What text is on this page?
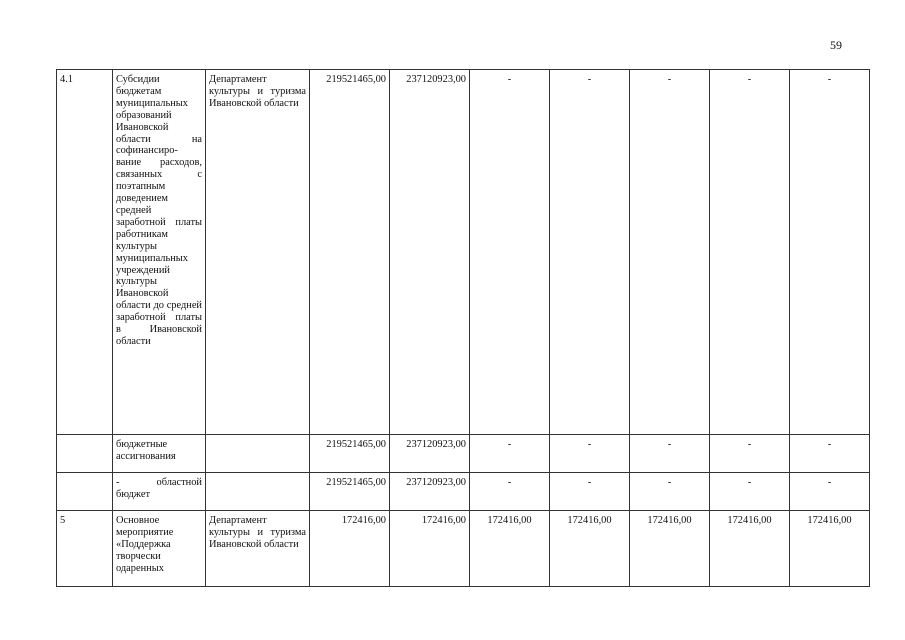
59
4.1	Субсидии бюджетам муниципальных образований Ивановской области на софинансиро-вание расходов, связанных с поэтапным доведением средней заработной платы работникам культуры муниципальных учреждений культуры Ивановской области до средней заработной платы в Ивановской области	Департамент культуры и туризма Ивановской области	219521465,00	237120923,00	-	-	-	-	-
	бюджетные ассигнования		219521465,00	237120923,00	-	-	-	-	-
	- областной бюджет		219521465,00	237120923,00	-	-	-	-	-
5	Основное мероприятие «Поддержка творчески одаренных	Департамент культуры и туризма Ивановской области	172416,00	172416,00	172416,00	172416,00	172416,00	172416,00	172416,00
